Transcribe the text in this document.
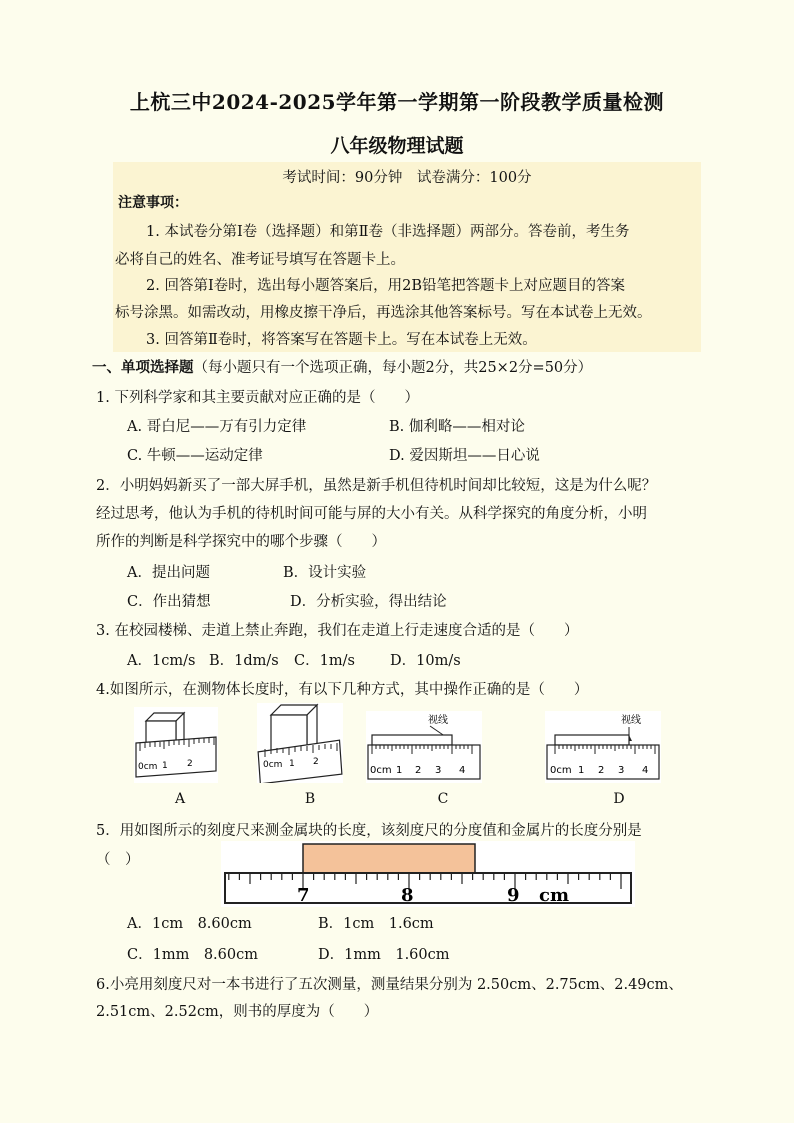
上杭三中2024-2025学年第一学期第一阶段教学质量检测
八年级物理试题
考试时间：90分钟　试卷满分：100分
注意事项：
1. 本试卷分第Ⅰ卷（选择题）和第Ⅱ卷（非选择题）两部分。答卷前，考生务
必将自己的姓名、准考证号填写在答题卡上。
2. 回答第Ⅰ卷时，选出每小题答案后，用2B铅笔把答题卡上对应题目的答案
标号涂黑。如需改动，用橡皮擦干净后，再选涂其他答案标号。写在本试卷上无效。
3. 回答第Ⅱ卷时，将答案写在答题卡上。写在本试卷上无效。
一、单项选择题（每小题只有一个选项正确，每小题2分，共25×2分=50分）
1. 下列科学家和其主要贡献对应正确的是（　　）
A. 哥白尼——万有引力定律	B. 伽利略——相对论
C. 牛顿——运动定律	D. 爱因斯坦——日心说
2．小明妈妈新买了一部大屏手机，虽然是新手机但待机时间却比较短，这是为什么呢？
经过思考，他认为手机的待机时间可能与屏的大小有关。从科学探究的角度分析，小明
所作的判断是科学探究中的哪个步骤（　　）
A．提出问题	B．设计实验
C．作出猜想	D．分析实验，得出结论
3. 在校园楼梯、走道上禁止奔跑，我们在走道上行走速度合适的是（　　）
A．1cm/s B．1dm/s C．1m/s D．10m/s
4.如图所示，在测物体长度时，有以下几种方式，其中操作正确的是（　　）
0cm 1 2	0cm 1 2
视线
0cm 1 2 3 4
视线
0cm 1 2 3 4
A	B	C	D
5．用如图所示的刻度尺来测金属块的长度，该刻度尺的分度值和金属片的长度分别是
（　）
7	8	9 cm
A．1cm　8.60cm	B．1cm　1.6cm
C．1mm　8.60cm	D．1mm　1.60cm
6.小亮用刻度尺对一本书进行了五次测量，测量结果分别为 2.50cm、2.75cm、2.49cm、
2.51cm、2.52cm，则书的厚度为（　　）
